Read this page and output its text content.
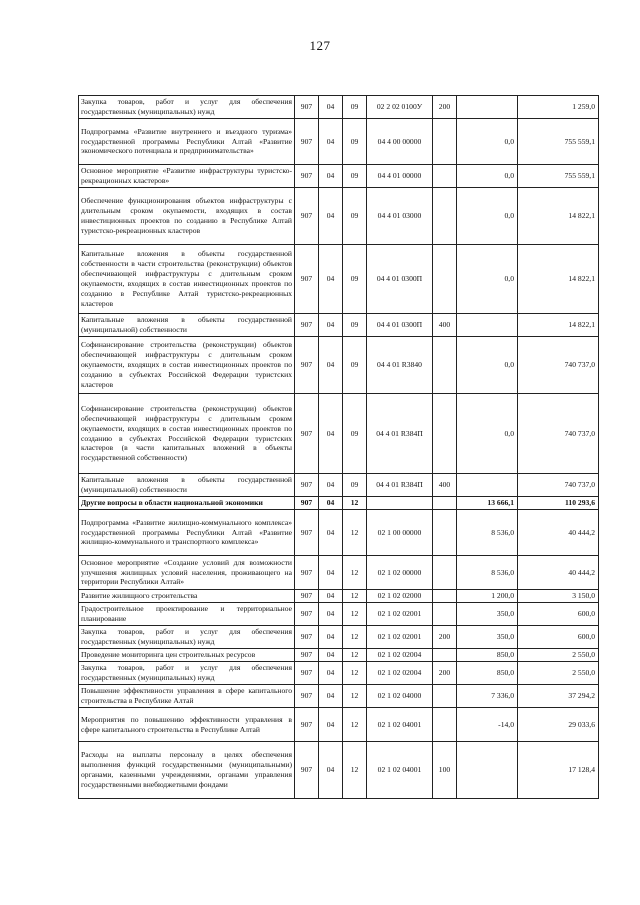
127
Закупка товаров, работ и услуг для обеспечения государственных (муниципальных) нужд	907	04	09	02 2 02 0100У	200		1 259,0
Подпрограмма «Развитие внутреннего и въездного туризма» государственной программы Республики Алтай «Развитие экономического потенциала и предпринимательства»	907	04	09	04 4 00 00000		0,0	755 559,1
Основное мероприятие «Развитие инфраструктуры туристско-рекреационных кластеров»	907	04	09	04 4 01 00000		0,0	755 559,1
Обеспечение функционирования объектов инфраструктуры с длительным сроком окупаемости, входящих в состав инвестиционных проектов по созданию в Республике Алтай туристско-рекреационных кластеров	907	04	09	04 4 01 03000		0,0	14 822,1
Капитальные вложения в объекты государственной собственности в части строительства (реконструкции) объектов обеспечивающей инфраструктуры с длительным сроком окупаемости, входящих в состав инвестиционных проектов по созданию в Республике Алтай туристско-рекреационных кластеров	907	04	09	04 4 01 0300П		0,0	14 822,1
Капитальные вложения в объекты государственной (муниципальной) собственности	907	04	09	04 4 01 0300П	400		14 822,1
Софинансирование строительства (реконструкции) объектов обеспечивающей инфраструктуры с длительным сроком окупаемости, входящих в состав инвестиционных проектов по созданию в субъектах Российской Федерации туристских кластеров	907	04	09	04 4 01 R3840		0,0	740 737,0
Софинансирование строительства (реконструкции) объектов обеспечивающей инфраструктуры с длительным сроком окупаемости, входящих в состав инвестиционных проектов по созданию в субъектах Российской Федерации туристских кластеров (в части капитальных вложений в объекты государственной собственности)	907	04	09	04 4 01 R384П		0,0	740 737,0
Капитальные вложения в объекты государственной (муниципальной) собственности	907	04	09	04 4 01 R384П	400		740 737,0
Другие вопросы в области национальной экономики	907	04	12			13 666,1	110 293,6
Подпрограмма «Развитие жилищно-коммунального комплекса» государственной программы Республики Алтай «Развитие жилищно-коммунального и транспортного комплекса»	907	04	12	02 1 00 00000		8 536,0	40 444,2
Основное мероприятие «Создание условий для возможности улучшения жилищных условий населения, проживающего на территории Республики Алтай»	907	04	12	02 1 02 00000		8 536,0	40 444,2
Развитие жилищного строительства	907	04	12	02 1 02 02000		1 200,0	3 150,0
Градостроительное проектирование и территориальное планирование	907	04	12	02 1 02 02001		350,0	600,0
Закупка товаров, работ и услуг для обеспечения государственных (муниципальных) нужд	907	04	12	02 1 02 02001	200	350,0	600,0
Проведение мониторинга цен строительных ресурсов	907	04	12	02 1 02 02004		850,0	2 550,0
Закупка товаров, работ и услуг для обеспечения государственных (муниципальных) нужд	907	04	12	02 1 02 02004	200	850,0	2 550,0
Повышение эффективности управления в сфере капитального строительства в Республике Алтай	907	04	12	02 1 02 04000		7 336,0	37 294,2
Мероприятия по повышению эффективности управления в сфере капитального строительства в Республике Алтай	907	04	12	02 1 02 04001		-14,0	29 033,6
Расходы на выплаты персоналу в целях обеспечения выполнения функций государственными (муниципальными) органами, казенными учреждениями, органами управления государственными внебюджетными фондами	907	04	12	02 1 02 04001	100		17 128,4
